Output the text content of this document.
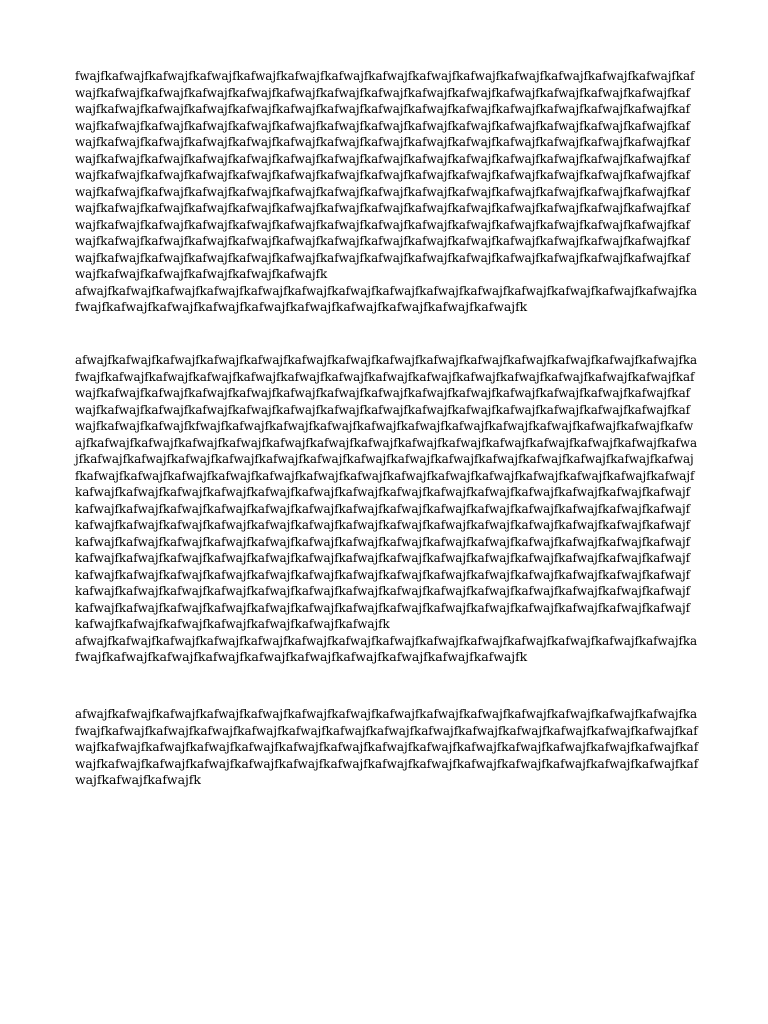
fwajfkafwajfkafwajfkafwajfkafwajfkafwajfkafwajfkafwajfkafwajfkafwajfkafwajfkafwajfkafwajfkafwajfkaf
wajfkafwajfkafwajfkafwajfkafwajfkafwajfkafwajfkafwajfkafwajfkafwajfkafwajfkafwajfkafwajfkafwajfkaf
wajfkafwajfkafwajfkafwajfkafwajfkafwajfkafwajfkafwajfkafwajfkafwajfkafwajfkafwajfkafwajfkafwajfkaf
wajfkafwajfkafwajfkafwajfkafwajfkafwajfkafwajfkafwajfkafwajfkafwajfkafwajfkafwajfkafwajfkafwajfkaf
wajfkafwajfkafwajfkafwajfkafwajfkafwajfkafwajfkafwajfkafwajfkafwajfkafwajfkafwajfkafwajfkafwajfkaf
wajfkafwajfkafwajfkafwajfkafwajfkafwajfkafwajfkafwajfkafwajfkafwajfkafwajfkafwajfkafwajfkafwajfkaf
wajfkafwajfkafwajfkafwajfkafwajfkafwajfkafwajfkafwajfkafwajfkafwajfkafwajfkafwajfkafwajfkafwajfkaf
wajfkafwajfkafwajfkafwajfkafwajfkafwajfkafwajfkafwajfkafwajfkafwajfkafwajfkafwajfkafwajfkafwajfkaf
wajfkafwajfkafwajfkafwajfkafwajfkafwajfkafwajfkafwajfkafwajfkafwajfkafwajfkafwajfkafwajfkafwajfkaf
wajfkafwajfkafwajfkafwajfkafwajfkafwajfkafwajfkafwajfkafwajfkafwajfkafwajfkafwajfkafwajfkafwajfkaf
wajfkafwajfkafwajfkafwajfkafwajfkafwajfkafwajfkafwajfkafwajfkafwajfkafwajfkafwajfkafwajfkafwajfkaf
wajfkafwajfkafwajfkafwajfkafwajfkafwajfkafwajfkafwajfkafwajfkafwajfkafwajfkafwajfkafwajfkafwajfkaf
wajfkafwajfkafwajfkafwajfkafwajfkafwajfk
afwajfkafwajfkafwajfkafwajfkafwajfkafwajfkafwajfkafwajfkafwajfkafwajfkafwajfkafwajfkafwajfkafwajfka
fwajfkafwajfkafwajfkafwajfkafwajfkafwajfkafwajfkafwajfkafwajfkafwajfk
afwajfkafwajfkafwajfkafwajfkafwajfkafwajfkafwajfkafwajfkafwajfkafwajfkafwajfkafwajfkafwajfkafwajfka
fwajfkafwajfkafwajfkafwajfkafwajfkafwajfkafwajfkafwajfkafwajfkafwajfkafwajfkafwajfkafwajfkafwajfkaf
wajfkafwajfkafwajfkafwajfkafwajfkafwajfkafwajfkafwajfkafwajfkafwajfkafwajfkafwajfkafwajfkafwajfkaf
wajfkafwajfkafwajfkafwajfkafwajfkafwajfkafwajfkafwajfkafwajfkafwajfkafwajfkafwajfkafwajfkafwajfkaf
wajfkafwajfkafwajfkfwajfkafwajfkafwajfkafwajfkafwajfkafwajfkafwajfkafwajfkafwajfkafwajfkafwajfkafw
ajfkafwajfkafwajfkafwajfkafwajfkafwajfkafwajfkafwajfkafwajfkafwajfkafwajfkafwajfkafwajfkafwajfkafwa
jfkafwajfkafwajfkafwajfkafwajfkafwajfkafwajfkafwajfkafwajfkafwajfkafwajfkafwajfkafwajfkafwajfkafwaj
fkafwajfkafwajfkafwajfkafwajfkafwajfkafwajfkafwajfkafwajfkafwajfkafwajfkafwajfkafwajfkafwajfkafwajf
kafwajfkafwajfkafwajfkafwajfkafwajfkafwajfkafwajfkafwajfkafwajfkafwajfkafwajfkafwajfkafwajfkafwajf
kafwajfkafwajfkafwajfkafwajfkafwajfkafwajfkafwajfkafwajfkafwajfkafwajfkafwajfkafwajfkafwajfkafwajf
kafwajfkafwajfkafwajfkafwajfkafwajfkafwajfkafwajfkafwajfkafwajfkafwajfkafwajfkafwajfkafwajfkafwajf
kafwajfkafwajfkafwajfkafwajfkafwajfkafwajfkafwajfkafwajfkafwajfkafwajfkafwajfkafwajfkafwajfkafwajf
kafwajfkafwajfkafwajfkafwajfkafwajfkafwajfkafwajfkafwajfkafwajfkafwajfkafwajfkafwajfkafwajfkafwajf
kafwajfkafwajfkafwajfkafwajfkafwajfkafwajfkafwajfkafwajfkafwajfkafwajfkafwajfkafwajfkafwajfkafwajf
kafwajfkafwajfkafwajfkafwajfkafwajfkafwajfkafwajfkafwajfkafwajfkafwajfkafwajfkafwajfkafwajfkafwajf
kafwajfkafwajfkafwajfkafwajfkafwajfkafwajfkafwajfkafwajfkafwajfkafwajfkafwajfkafwajfkafwajfkafwajf
kafwajfkafwajfkafwajfkafwajfkafwajfkafwajfkafwajfk
afwajfkafwajfkafwajfkafwajfkafwajfkafwajfkafwajfkafwajfkafwajfkafwajfkafwajfkafwajfkafwajfkafwajfka
fwajfkafwajfkafwajfkafwajfkafwajfkafwajfkafwajfkafwajfkafwajfkafwajfk
afwajfkafwajfkafwajfkafwajfkafwajfkafwajfkafwajfkafwajfkafwajfkafwajfkafwajfkafwajfkafwajfkafwajfka
fwajfkafwajfkafwajfkafwajfkafwajfkafwajfkafwajfkafwajfkafwajfkafwajfkafwajfkafwajfkafwajfkafwajfkaf
wajfkafwajfkafwajfkafwajfkafwajfkafwajfkafwajfkafwajfkafwajfkafwajfkafwajfkafwajfkafwajfkafwajfkaf
wajfkafwajfkafwajfkafwajfkafwajfkafwajfkafwajfkafwajfkafwajfkafwajfkafwajfkafwajfkafwajfkafwajfkaf
wajfkafwajfkafwajfk
